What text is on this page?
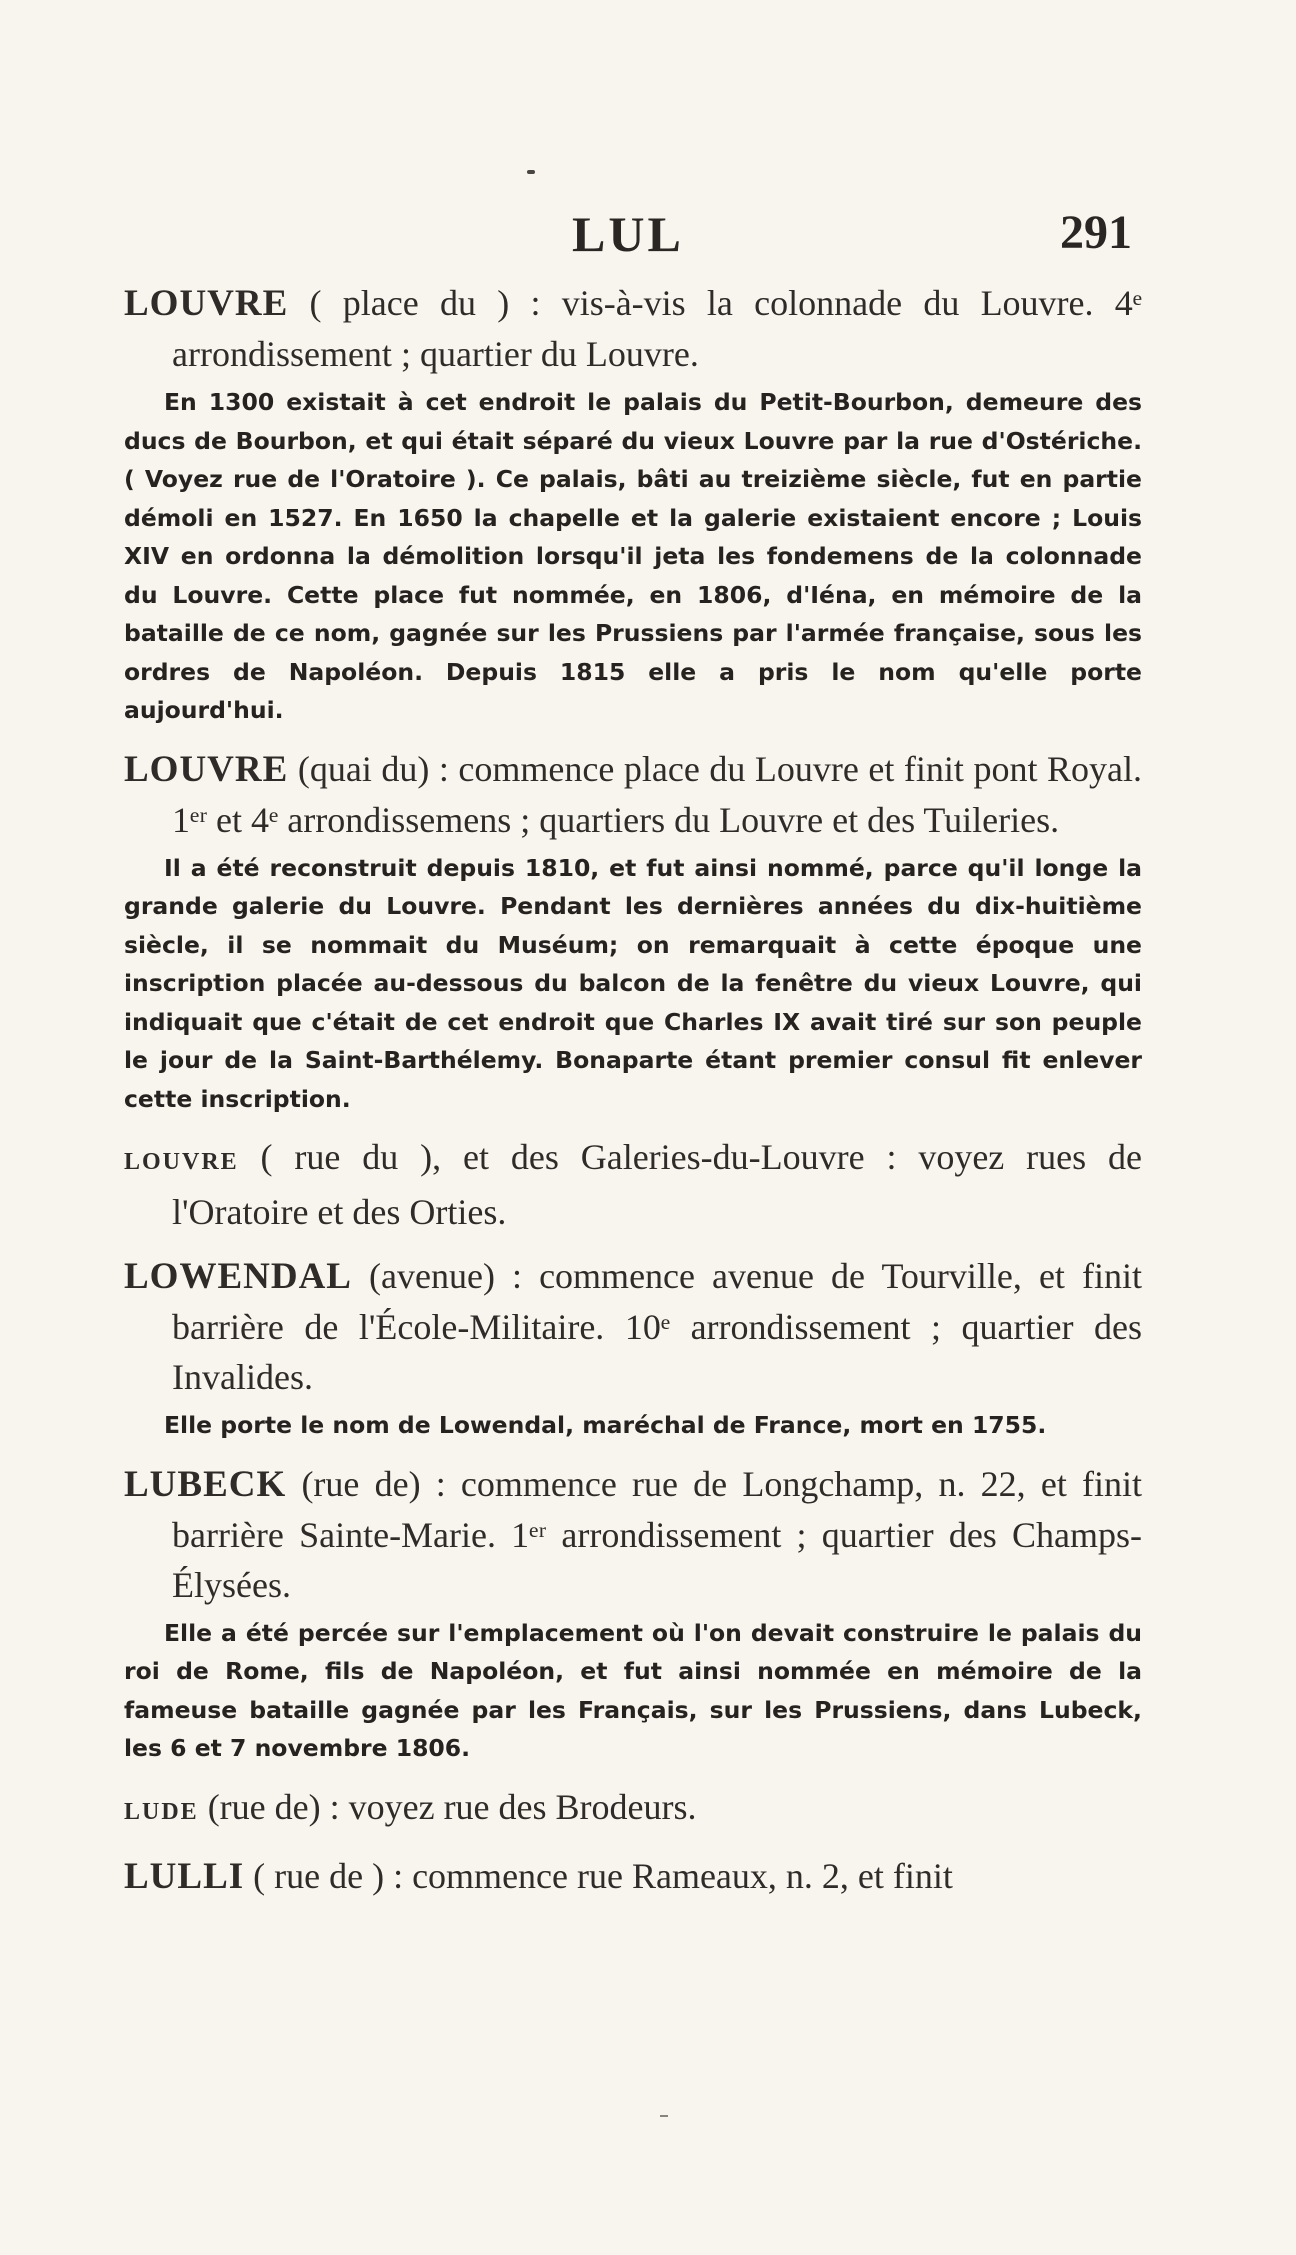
LUL	291
LOUVRE ( place du ) : vis-à-vis la colonnade du Louvre. 4ᵉ arrondissement ; quartier du Louvre.
En 1300 existait à cet endroit le palais du Petit-Bourbon, demeure des ducs de Bourbon, et qui était séparé du vieux Louvre par la rue d'Ostériche. ( Voyez rue de l'Oratoire ). Ce palais, bâti au treizième siècle, fut en partie démoli en 1527. En 1650 la chapelle et la galerie existaient encore ; Louis XIV en ordonna la démolition lorsqu'il jeta les fondemens de la colonnade du Louvre. Cette place fut nommée, en 1806, d'Iéna, en mémoire de la bataille de ce nom, gagnée sur les Prussiens par l'armée française, sous les ordres de Napoléon. Depuis 1815 elle a pris le nom qu'elle porte aujourd'hui.
LOUVRE (quai du) : commence place du Louvre et finit pont Royal. 1ᵉʳ et 4ᵉ arrondissemens ; quartiers du Louvre et des Tuileries.
Il a été reconstruit depuis 1810, et fut ainsi nommé, parce qu'il longe la grande galerie du Louvre. Pendant les dernières années du dix-huitième siècle, il se nommait du Muséum; on remarquait à cette époque une inscription placée au-dessous du balcon de la fenêtre du vieux Louvre, qui indiquait que c'était de cet endroit que Charles IX avait tiré sur son peuple le jour de la Saint-Barthélemy. Bonaparte étant premier consul fit enlever cette inscription.
LOUVRE ( rue du ), et des Galeries-du-Louvre : voyez rues de l'Oratoire et des Orties.
LOWENDAL (avenue) : commence avenue de Tourville, et finit barrière de l'École-Militaire. 10ᵉ arrondissement ; quartier des Invalides.
Elle porte le nom de Lowendal, maréchal de France, mort en 1755.
LUBECK (rue de) : commence rue de Longchamp, n. 22, et finit barrière Sainte-Marie. 1ᵉʳ arrondissement ; quartier des Champs-Élysées.
Elle a été percée sur l'emplacement où l'on devait construire le palais du roi de Rome, fils de Napoléon, et fut ainsi nommée en mémoire de la fameuse bataille gagnée par les Français, sur les Prussiens, dans Lubeck, les 6 et 7 novembre 1806.
LUDE (rue de) : voyez rue des Brodeurs.
LULLI ( rue de ) : commence rue Rameaux, n. 2, et finit
